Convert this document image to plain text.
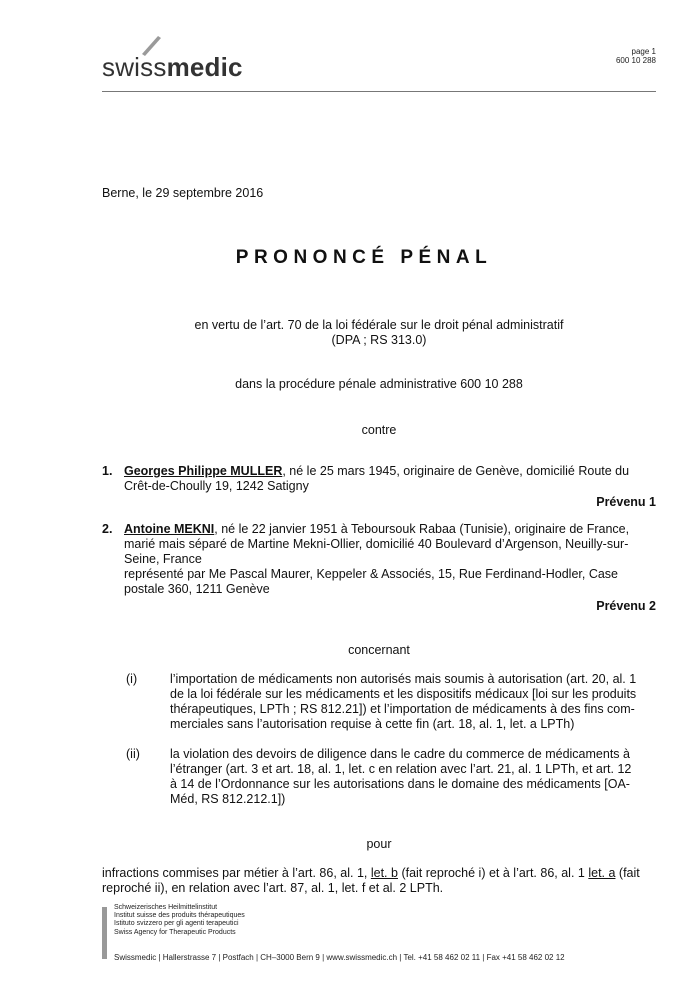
swissmedic
page 1
600 10 288
Berne, le 29 septembre 2016
PRONONCÉ PÉNAL
en vertu de l’art. 70 de la loi fédérale sur le droit pénal administratif
(DPA ; RS 313.0)
dans la procédure pénale administrative 600 10 288
contre
1. Georges Philippe MULLER, né le 25 mars 1945, originaire de Genève, domicilié Route du
Crêt-de-Choully 19, 1242 Satigny
Prévenu 1
2. Antoine MEKNI, né le 22 janvier 1951 à Teboursouk Rabaa (Tunisie), originaire de France,
marié mais séparé de Martine Mekni-Ollier, domicilié 40 Boulevard d’Argenson, Neuilly-sur-
Seine, France
représenté par Me Pascal Maurer, Keppeler & Associés, 15, Rue Ferdinand-Hodler, Case
postale 360, 1211 Genève
Prévenu 2
concernant
(i)	l’importation de médicaments non autorisés mais soumis à autorisation (art. 20, al. 1
de la loi fédérale sur les médicaments et les dispositifs médicaux [loi sur les produits
thérapeutiques, LPTh ; RS 812.21]) et l’importation de médicaments à des fins com-
merciales sans l’autorisation requise à cette fin (art. 18, al. 1, let. a LPTh)
(ii) la violation des devoirs de diligence dans le cadre du commerce de médicaments à
l’étranger (art. 3 et art. 18, al. 1, let. c en relation avec l’art. 21, al. 1 LPTh, et art. 12
à 14 de l’Ordonnance sur les autorisations dans le domaine des médicaments [OA-
Méd, RS 812.212.1])
pour
infractions commises par métier à l’art. 86, al. 1, let. b (fait reproché i) et à l’art. 86, al. 1 let. a (fait
reproché ii), en relation avec l’art. 87, al. 1, let. f et al. 2 LPTh.
Schweizerisches Heilmittelinstitut
Institut suisse des produits thérapeutiques
Istituto svizzero per gli agenti terapeutici
Swiss Agency for Therapeutic Products
Swissmedic | Hallerstrasse 7 | Postfach | CH–3000 Bern 9 | www.swissmedic.ch | Tel. +41 58 462 02 11 | Fax +41 58 462 02 12
